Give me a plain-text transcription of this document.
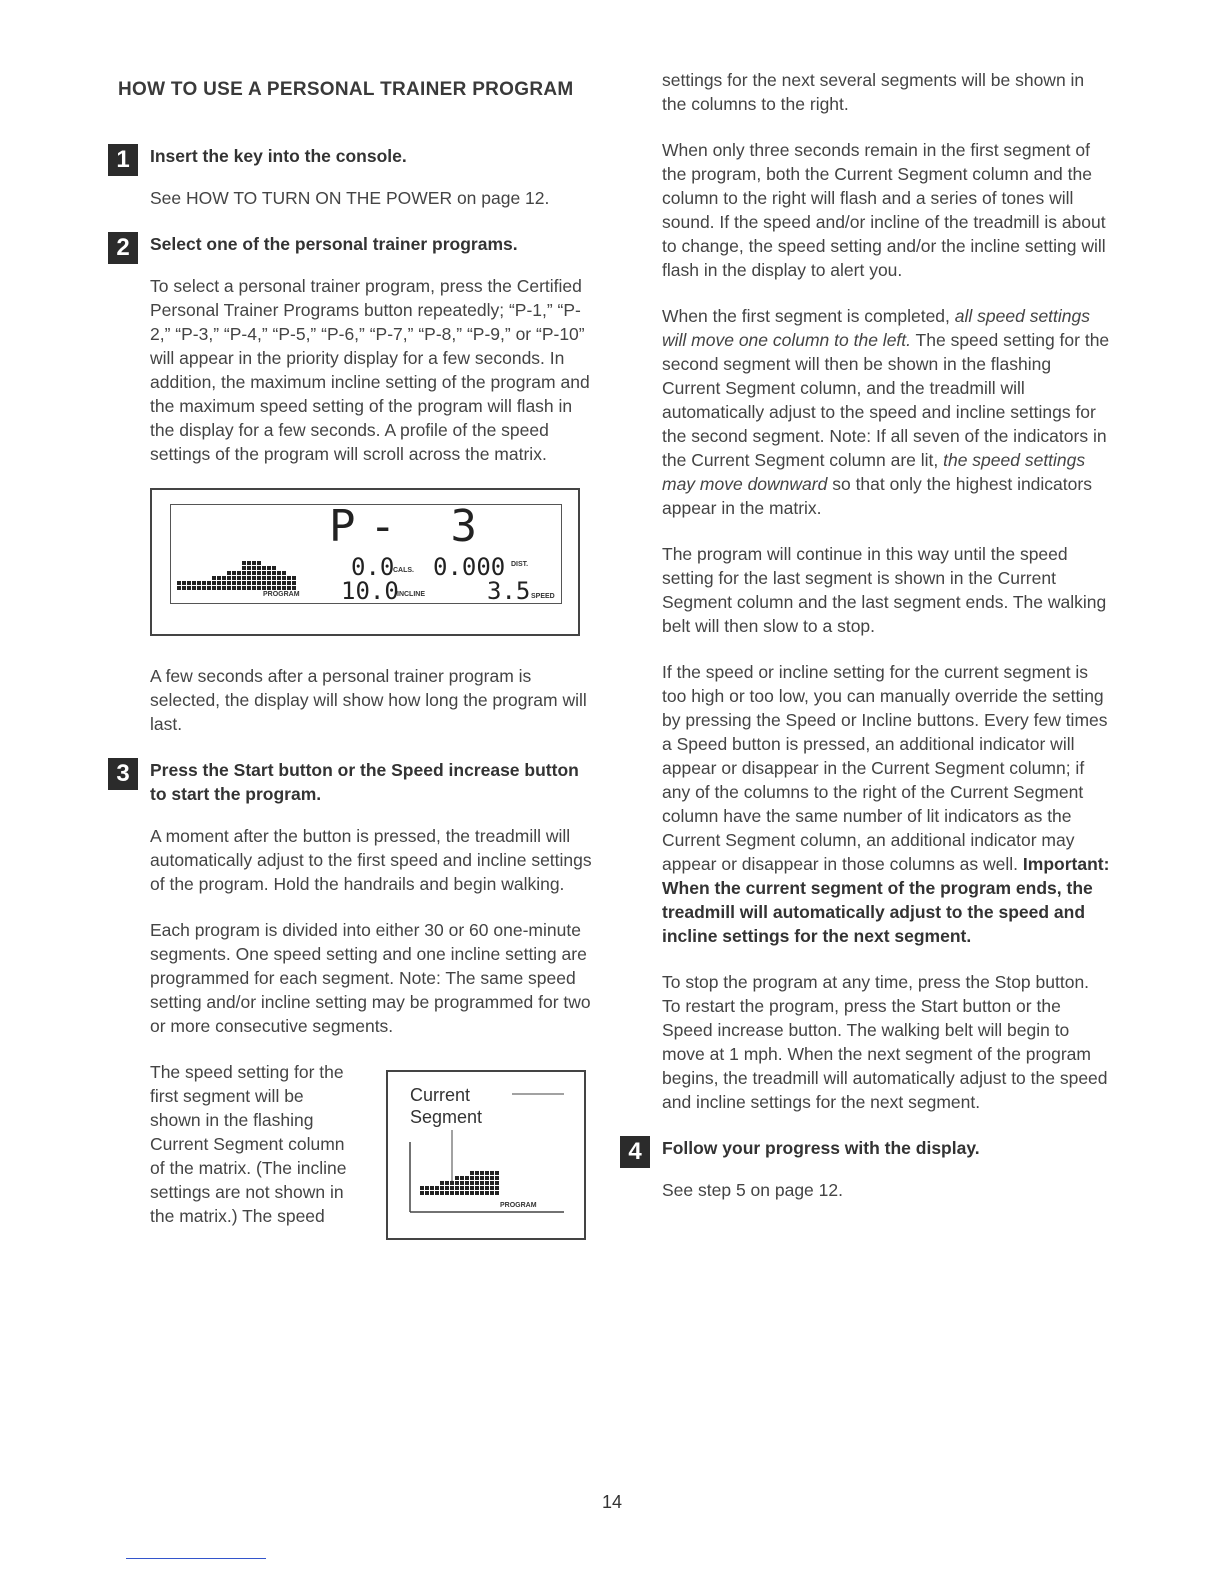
HOW TO USE A PERSONAL TRAINER PROGRAM
1	Insert the key into the console.
See HOW TO TURN ON THE POWER on page 12.
2	Select one of the personal trainer programs.
To select a personal trainer program, press the Certified Personal Trainer Programs button repeatedly; “P-1,” “P-2,” “P-3,” “P-4,” “P-5,” “P-6,” “P-7,” “P-8,” “P-9,” or “P-10” will appear in the priority display for a few seconds. In addition, the maximum incline setting of the program and the maximum speed setting of the program will flash in the display for a few seconds. A profile of the speed settings of the program will scroll across the matrix.
PROGRAM
P- 3
0.0
CALS. 0.000 DIST.
10.0
INCLINE	3.5 SPEED
A few seconds after a personal trainer program is selected, the display will show how long the program will last.
3	Press the Start button or the Speed increase button to start the program.
A moment after the button is pressed, the treadmill will automatically adjust to the first speed and incline settings of the program. Hold the handrails and begin walking.
Each program is divided into either 30 or 60 one-minute segments. One speed setting and one incline setting are programmed for each segment. Note: The same speed setting and/or incline setting may be programmed for two or more consecutive segments.
The speed setting for the first segment will be shown in the flashing Current Segment column of the matrix. (The incline settings are not shown in the matrix.) The speed
Current
Segment
PROGRAM
settings for the next several segments will be shown in the columns to the right.
When only three seconds remain in the first segment of the program, both the Current Segment column and the column to the right will flash and a series of tones will sound. If the speed and/or incline of the treadmill is about to change, the speed setting and/or the incline setting will flash in the display to alert you.
When the first segment is completed, all speed settings will move one column to the left. The speed setting for the second segment will then be shown in the flashing Current Segment column, and the treadmill will automatically adjust to the speed and incline settings for the second segment. Note: If all seven of the indicators in the Current Segment column are lit, the speed settings may move downward so that only the highest indicators appear in the matrix.
The program will continue in this way until the speed setting for the last segment is shown in the Current Segment column and the last segment ends. The walking belt will then slow to a stop.
If the speed or incline setting for the current segment is too high or too low, you can manually override the setting by pressing the Speed or Incline buttons. Every few times a Speed button is pressed, an additional indicator will appear or disappear in the Current Segment column; if any of the columns to the right of the Current Segment column have the same number of lit indicators as the Current Segment column, an additional indicator may appear or disappear in those columns as well. Important: When the current segment of the program ends, the treadmill will automatically adjust to the speed and incline settings for the next segment.
To stop the program at any time, press the Stop button. To restart the program, press the Start button or the Speed increase button. The walking belt will begin to move at 1 mph. When the next segment of the program begins, the treadmill will automatically adjust to the speed and incline settings for the next segment.
4	Follow your progress with the display.
See step 5 on page 12.
14
